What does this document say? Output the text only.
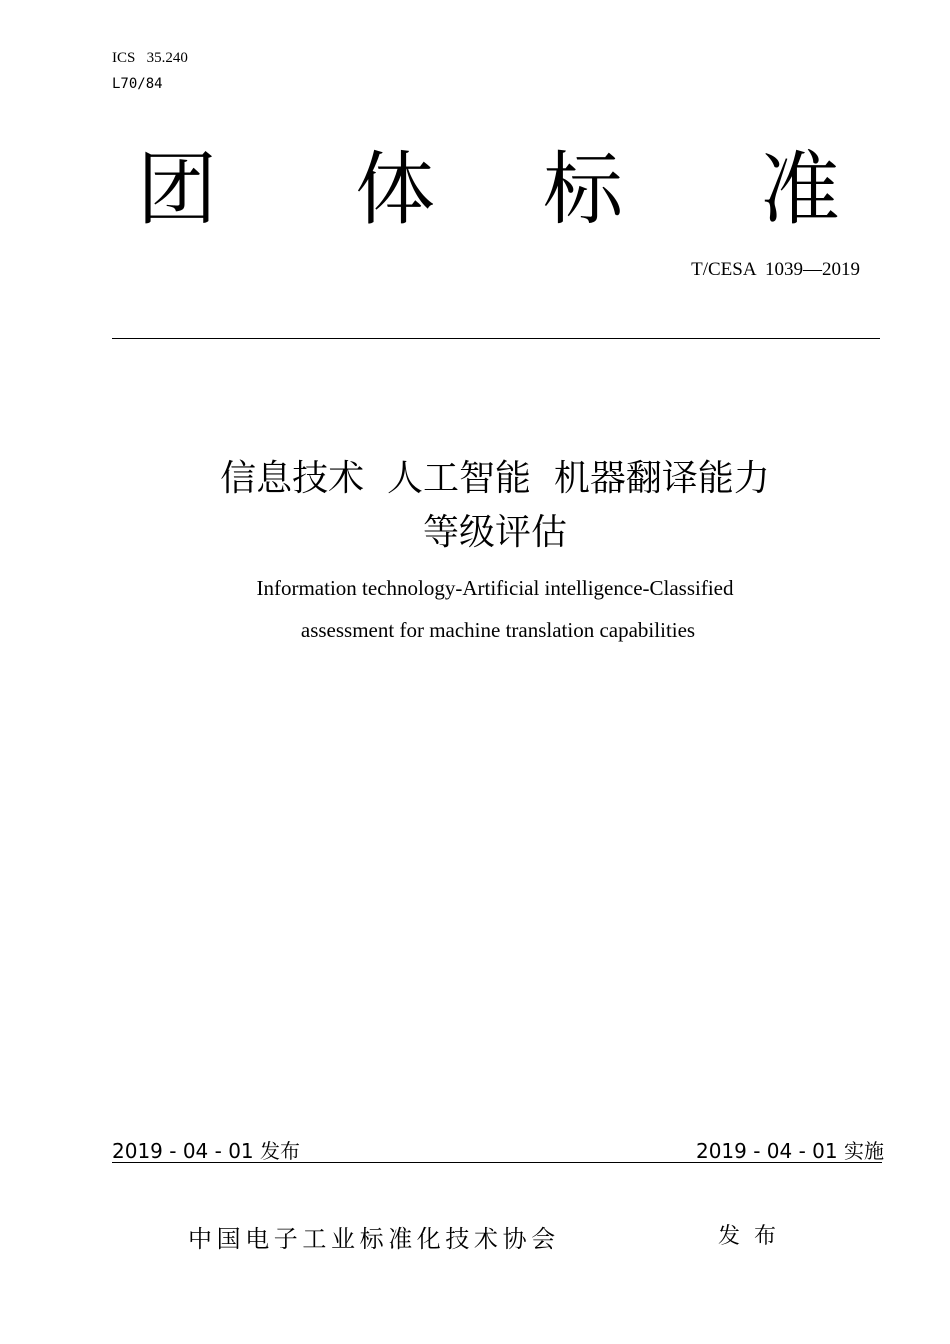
ICS   35.240
L70/84
团 体 标 准
T/CESA  1039—2019
信息技术  人工智能  机器翻译能力
等级评估
Information technology-Artificial intelligence-Classified
assessment for machine translation capabilities
2019 - 04 - 01 发布	2019 - 04 - 01 实施
中国电子工业标准化技术协会	发  布
